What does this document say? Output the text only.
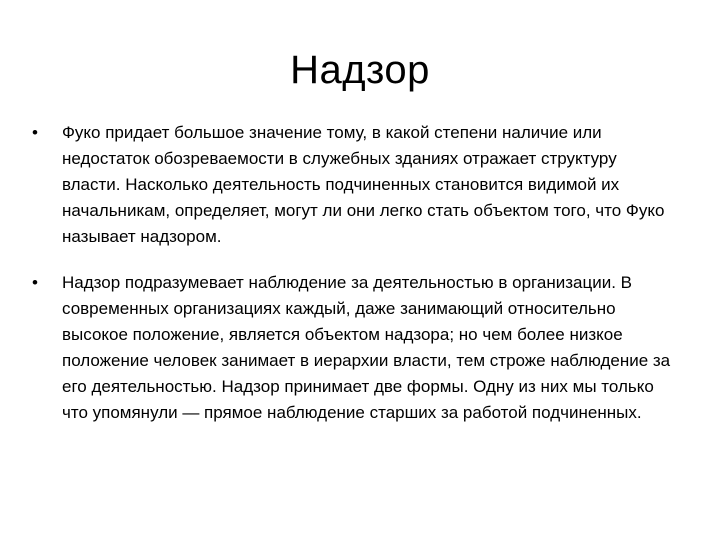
Надзор
•	Фуко придает большое значение тому, в какой степени наличие или недостаток обозреваемости в служебных зданиях отражает структуру власти. Насколько деятельность подчиненных становится видимой их начальникам, определяет, могут ли они легко стать объектом того, что Фуко называет надзором.
•	Надзор подразумевает наблюдение за деятельностью в организации. В современных организациях каждый, даже занимающий относительно высокое положение, является объектом надзора; но чем более низкое положение человек занимает в иерархии власти, тем строже наблюдение за его деятельностью. Надзор принимает две формы. Одну из них мы только что упомянули — прямое наблюдение старших за работой подчиненных.
